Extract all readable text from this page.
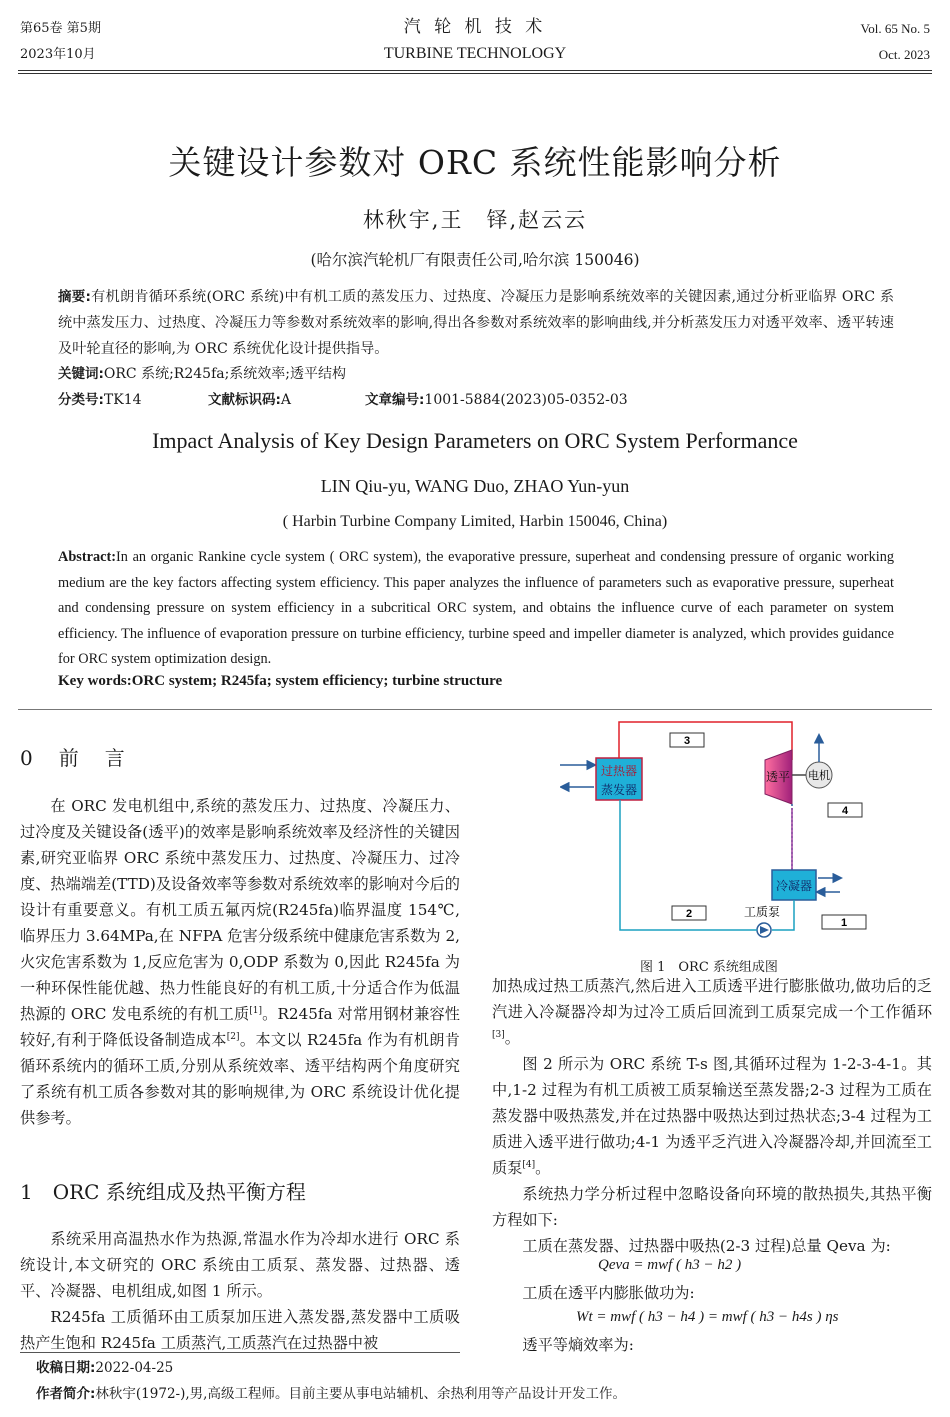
第65卷 第5期
2023年10月
汽 轮 机 技 术
TURBINE TECHNOLOGY
Vol. 65 No. 5
Oct. 2023
关键设计参数对 ORC 系统性能影响分析
林秋宇,王　铎,赵云云
(哈尔滨汽轮机厂有限责任公司,哈尔滨 150046)
摘要:有机朗肯循环系统(ORC 系统)中有机工质的蒸发压力、过热度、冷凝压力是影响系统效率的关键因素,通过分析亚临界 ORC 系统中蒸发压力、过热度、冷凝压力等参数对系统效率的影响,得出各参数对系统效率的影响曲线,并分析蒸发压力对透平效率、透平转速及叶轮直径的影响,为 ORC 系统优化设计提供指导。
关键词:ORC 系统;R245fa;系统效率;透平结构
分类号:TK14	文献标识码:A	文章编号:1001-5884(2023)05-0352-03
Impact Analysis of Key Design Parameters on ORC System Performance
LIN Qiu-yu, WANG Duo, ZHAO Yun-yun
( Harbin Turbine Company Limited, Harbin 150046, China)
Abstract:In an organic Rankine cycle system ( ORC system), the evaporative pressure, superheat and condensing pressure of organic working medium are the key factors affecting system efficiency. This paper analyzes the influence of parameters such as evaporative pressure, superheat and condensing pressure on system efficiency in a subcritical ORC system, and obtains the influence curve of each parameter on system efficiency. The influence of evaporation pressure on turbine efficiency, turbine speed and impeller diameter is analyzed, which provides guidance for ORC system optimization design.
Key words:ORC system; R245fa; system efficiency; turbine structure
0　前　言

在 ORC 发电机组中,系统的蒸发压力、过热度、冷凝压力、过冷度及关键设备(透平)的效率是影响系统效率及经济性的关键因素,研究亚临界 ORC 系统中蒸发压力、过热度、冷凝压力、过冷度、热端端差(TTD)及设备效率等参数对系统效率的影响对今后的设计有重要意义。有机工质五氟丙烷(R245fa)临界温度 154℃,临界压力 3.64MPa,在 NFPA 危害分级系统中健康危害系数为 2,火灾危害系数为 1,反应危害为 0,ODP 系数为 0,因此 R245fa 为一种环保性能优越、热力性能良好的有机工质,十分适合作为低温热源的 ORC 发电系统的有机工质[1]。R245fa 对常用钢材兼容性较好,有利于降低设备制造成本[2]。本文以 R245fa 作为有机朗肯循环系统内的循环工质,分别从系统效率、透平结构两个角度研究了系统有机工质各参数对其的影响规律,为 ORC 系统设计优化提供参考。

1　ORC 系统组成及热平衡方程

系统采用高温热水作为热源,常温水作为冷却水进行 ORC 系统设计,本文研究的 ORC 系统由工质泵、蒸发器、过热器、透平、冷凝器、电机组成,如图 1 所示。

R245fa 工质循环由工质泵加压进入蒸发器,蒸发器中工质吸热产生饱和 R245fa 工质蒸汽,工质蒸汽在过热器中被

过热器
蒸发器
3
透平 电机
4
冷凝器
1
工质泵
2
图 1　ORC 系统组成图
加热成过热工质蒸汽,然后进入工质透平进行膨胀做功,做功后的乏汽进入冷凝器冷却为过冷工质后回流到工质泵完成一个工作循环[3]。

图 2 所示为 ORC 系统 T-s 图,其循环过程为 1-2-3-4-1。其中,1-2 过程为有机工质被工质泵输送至蒸发器;2-3 过程为工质在蒸发器中吸热蒸发,并在过热器中吸热达到过热状态;3-4 过程为工质进入透平进行做功;4-1 为透平乏汽进入冷凝器冷却,并回流至工质泵[4]。

系统热力学分析过程中忽略设备向环境的散热损失,其热平衡方程如下:

工质在蒸发器、过热器中吸热(2-3 过程)总量 Qeva 为:

Qeva = mwf ( h3 − h2 )

工质在透平内膨胀做功为:

Wt = mwf ( h3 − h4 ) = mwf ( h3 − h4s ) ηs

透平等熵效率为:

收稿日期:2022-04-25
作者简介:林秋宇(1972-),男,高级工程师。目前主要从事电站辅机、余热利用等产品设计开发工作。
